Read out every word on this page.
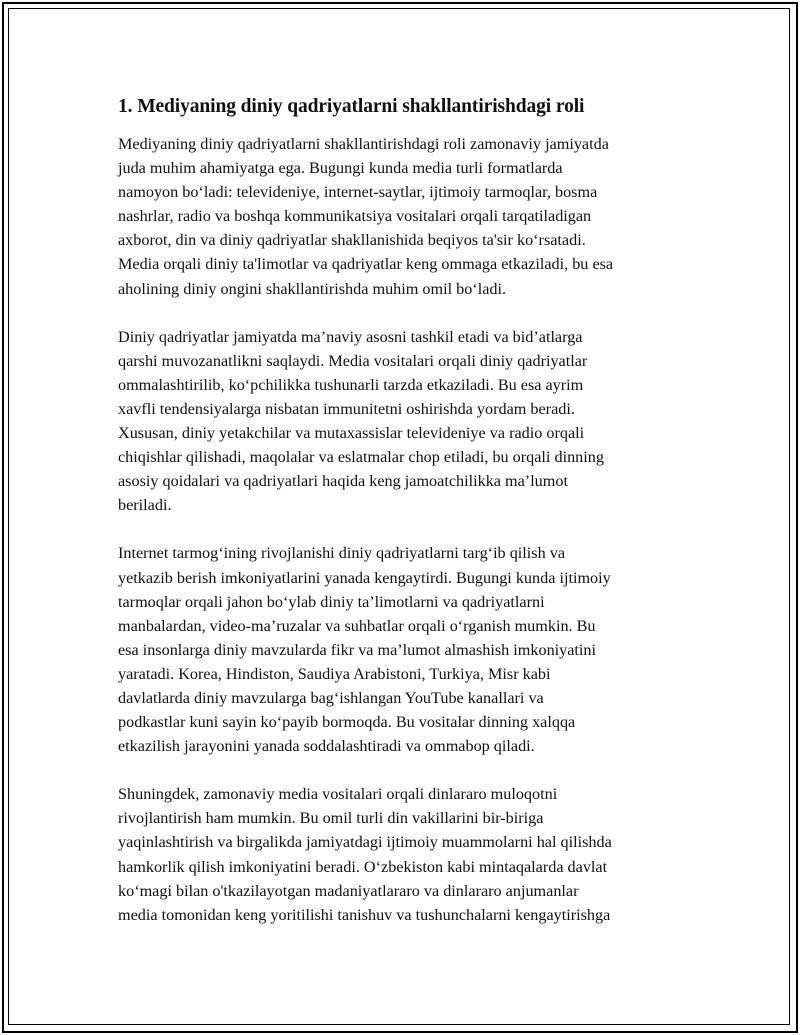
1. Mediyaning diniy qadriyatlarni shakllantirishdagi roli
Mediyaning diniy qadriyatlarni shakllantirishdagi roli zamonaviy jamiyatda
juda muhim ahamiyatga ega. Bugungi kunda media turli formatlarda
namoyon bo‘ladi: televideniye, internet-saytlar, ijtimoiy tarmoqlar, bosma
nashrlar, radio va boshqa kommunikatsiya vositalari orqali tarqatiladigan
axborot, din va diniy qadriyatlar shakllanishida beqiyos ta'sir ko‘rsatadi.
Media orqali diniy ta'limotlar va qadriyatlar keng ommaga etkaziladi, bu esa
aholining diniy ongini shakllantirishda muhim omil bo‘ladi.
Diniy qadriyatlar jamiyatda ma’naviy asosni tashkil etadi va bid’atlarga
qarshi muvozanatlikni saqlaydi. Media vositalari orqali diniy qadriyatlar
ommalashtirilib, ko‘pchilikka tushunarli tarzda etkaziladi. Bu esa ayrim
xavfli tendensiyalarga nisbatan immunitetni oshirishda yordam beradi.
Xususan, diniy yetakchilar va mutaxassislar televideniye va radio orqali
chiqishlar qilishadi, maqolalar va eslatmalar chop etiladi, bu orqali dinning
asosiy qoidalari va qadriyatlari haqida keng jamoatchilikka ma’lumot
beriladi.
Internet tarmog‘ining rivojlanishi diniy qadriyatlarni targ‘ib qilish va
yetkazib berish imkoniyatlarini yanada kengaytirdi. Bugungi kunda ijtimoiy
tarmoqlar orqali jahon bo‘ylab diniy ta’limotlarni va qadriyatlarni
manbalardan, video-ma’ruzalar va suhbatlar orqali o‘rganish mumkin. Bu
esa insonlarga diniy mavzularda fikr va ma’lumot almashish imkoniyatini
yaratadi. Korea, Hindiston, Saudiya Arabistoni, Turkiya, Misr kabi
davlatlarda diniy mavzularga bag‘ishlangan YouTube kanallari va
podkastlar kuni sayin ko‘payib bormoqda. Bu vositalar dinning xalqqa
etkazilish jarayonini yanada soddalashtiradi va ommabop qiladi.
Shuningdek, zamonaviy media vositalari orqali dinlararo muloqotni
rivojlantirish ham mumkin. Bu omil turli din vakillarini bir-biriga
yaqinlashtirish va birgalikda jamiyatdagi ijtimoiy muammolarni hal qilishda
hamkorlik qilish imkoniyatini beradi. O‘zbekiston kabi mintaqalarda davlat
ko‘magi bilan o'tkazilayotgan madaniyatlararo va dinlararo anjumanlar
media tomonidan keng yoritilishi tanishuv va tushunchalarni kengaytirishga
